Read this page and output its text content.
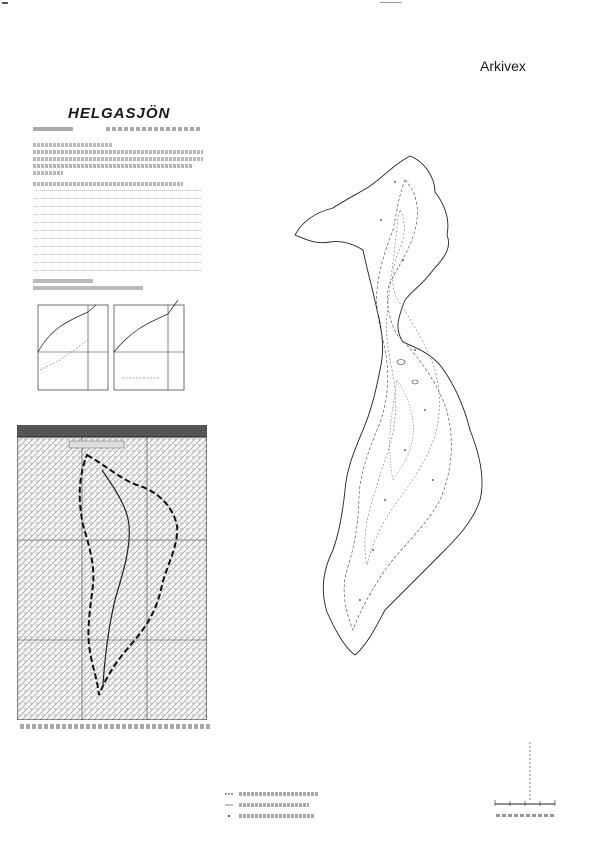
Arkivex
HELGASJÖN
